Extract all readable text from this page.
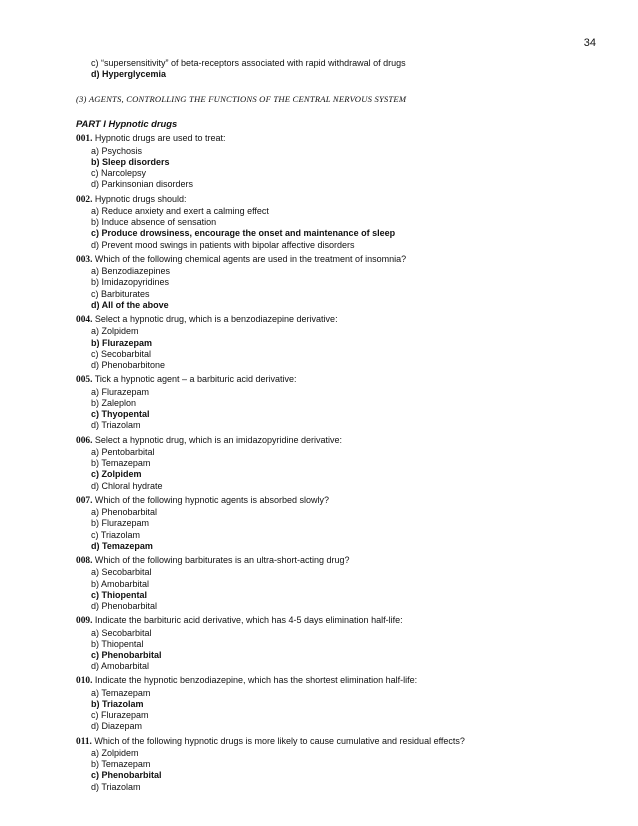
34
c) “supersensitivity” of beta-receptors associated with rapid withdrawal of drugs
d) Hyperglycemia
(3) AGENTS, CONTROLLING THE FUNCTIONS OF THE CENTRAL NERVOUS SYSTEM
PART I Hypnotic drugs
001. Hypnotic drugs are used to treat:
a) Psychosis
b) Sleep disorders
c) Narcolepsy
d) Parkinsonian disorders
002. Hypnotic drugs should:
a) Reduce anxiety and exert a calming effect
b) Induce absence of sensation
c) Produce drowsiness, encourage the onset and maintenance of sleep
d) Prevent mood swings in patients with bipolar affective disorders
003. Which of the following chemical agents are used in the treatment of insomnia?
a) Benzodiazepines
b) Imidazopyridines
c) Barbiturates
d) All of the above
004. Select a hypnotic drug, which is a benzodiazepine derivative:
a) Zolpidem
b) Flurazepam
c) Secobarbital
d) Phenobarbitone
005. Tick a hypnotic agent – a barbituric acid derivative:
a) Flurazepam
b) Zaleplon
c) Thyopental
d) Triazolam
006. Select a hypnotic drug, which is an imidazopyridine derivative:
a) Pentobarbital
b) Temazepam
c) Zolpidem
d) Chloral hydrate
007. Which of the following hypnotic agents is absorbed slowly?
a) Phenobarbital
b) Flurazepam
c) Triazolam
d) Temazepam
008. Which of the following barbiturates is an ultra-short-acting drug?
a) Secobarbital
b) Amobarbital
c) Thiopental
d) Phenobarbital
009. Indicate the barbituric acid derivative, which has 4-5 days elimination half-life:
a) Secobarbital
b) Thiopental
c) Phenobarbital
d) Amobarbital
010. Indicate the hypnotic benzodiazepine, which has the shortest elimination half-life:
a) Temazepam
b) Triazolam
c) Flurazepam
d) Diazepam
011. Which of the following hypnotic drugs is more likely to cause cumulative and residual effects?
a) Zolpidem
b) Temazepam
c) Phenobarbital
d) Triazolam
